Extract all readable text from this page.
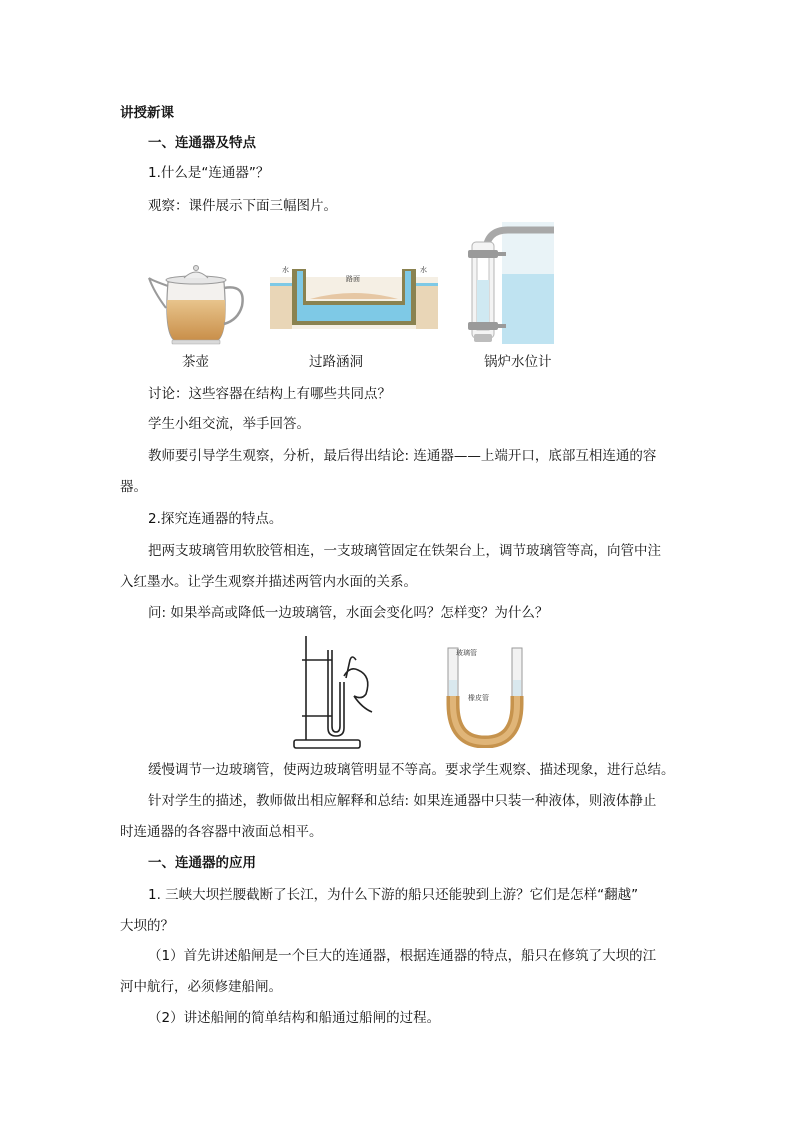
讲授新课
一、连通器及特点
1.什么是“连通器”？
观察：课件展示下面三幅图片。
茶壶
水
路面
水
过路涵洞	锅炉水位计
讨论：这些容器在结构上有哪些共同点？
学生小组交流，举手回答。
教师要引导学生观察，分析，最后得出结论: 连通器——上端开口，底部互相连通的容
器。
2.探究连通器的特点。
把两支玻璃管用软胶管相连，一支玻璃管固定在铁架台上，调节玻璃管等高，向管中注
入红墨水。让学生观察并描述两管内水面的关系。
问: 如果举高或降低一边玻璃管，水面会变化吗？怎样变？为什么？
玻璃管
橡皮管
缓慢调节一边玻璃管，使两边玻璃管明显不等高。要求学生观察、描述现象，进行总结。
针对学生的描述，教师做出相应解释和总结: 如果连通器中只装一种液体，则液体静止
时连通器的各容器中液面总相平。
一、连通器的应用
1. 三峡大坝拦腰截断了长江，为什么下游的船只还能驶到上游？它们是怎样“翻越”
大坝的？
（1）首先讲述船闸是一个巨大的连通器，根据连通器的特点，船只在修筑了大坝的江
河中航行，必须修建船闸。
（2）讲述船闸的简单结构和船通过船闸的过程。
